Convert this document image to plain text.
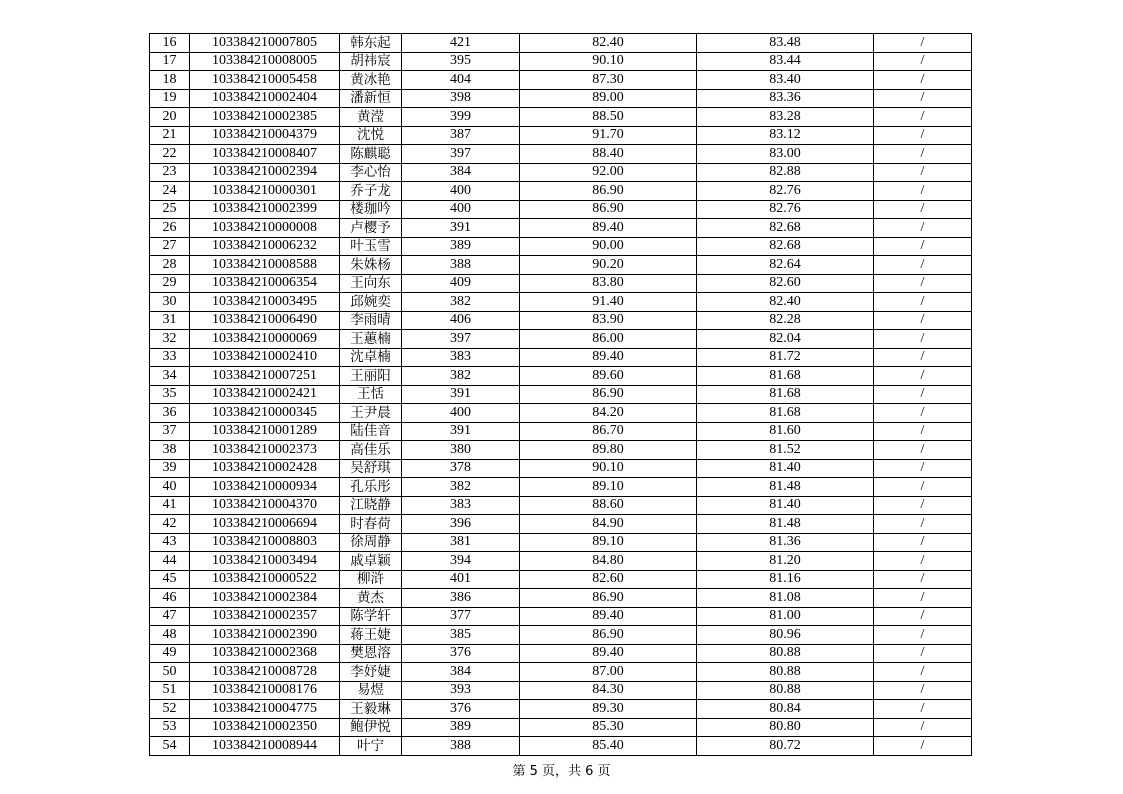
16	103384210007805	韩东起	421	82.40	83.48	/
17	103384210008005	胡祎宸	395	90.10	83.44	/
18	103384210005458	黄冰艳	404	87.30	83.40	/
19	103384210002404	潘新恒	398	89.00	83.36	/
20	103384210002385	黄滢	399	88.50	83.28	/
21	103384210004379	沈悦	387	91.70	83.12	/
22	103384210008407	陈麒聪	397	88.40	83.00	/
23	103384210002394	李心怡	384	92.00	82.88	/
24	103384210000301	乔子龙	400	86.90	82.76	/
25	103384210002399	楼珈吟	400	86.90	82.76	/
26	103384210000008	卢樱予	391	89.40	82.68	/
27	103384210006232	叶玉雪	389	90.00	82.68	/
28	103384210008588	朱姝杨	388	90.20	82.64	/
29	103384210006354	王向东	409	83.80	82.60	/
30	103384210003495	邱婉奕	382	91.40	82.40	/
31	103384210006490	李雨晴	406	83.90	82.28	/
32	103384210000069	王蕙楠	397	86.00	82.04	/
33	103384210002410	沈卓楠	383	89.40	81.72	/
34	103384210007251	王丽阳	382	89.60	81.68	/
35	103384210002421	王恬	391	86.90	81.68	/
36	103384210000345	王尹晨	400	84.20	81.68	/
37	103384210001289	陆佳音	391	86.70	81.60	/
38	103384210002373	高佳乐	380	89.80	81.52	/
39	103384210002428	吴舒琪	378	90.10	81.40	/
40	103384210000934	孔乐彤	382	89.10	81.48	/
41	103384210004370	江晓静	383	88.60	81.40	/
42	103384210006694	时春荷	396	84.90	81.48	/
43	103384210008803	徐周静	381	89.10	81.36	/
44	103384210003494	戚卓颖	394	84.80	81.20	/
45	103384210000522	柳浒	401	82.60	81.16	/
46	103384210002384	黄杰	386	86.90	81.08	/
47	103384210002357	陈学轩	377	89.40	81.00	/
48	103384210002390	蒋王婕	385	86.90	80.96	/
49	103384210002368	樊恩溶	376	89.40	80.88	/
50	103384210008728	李妤婕	384	87.00	80.88	/
51	103384210008176	易煜	393	84.30	80.88	/
52	103384210004775	王毅琳	376	89.30	80.84	/
53	103384210002350	鲍伊悦	389	85.30	80.80	/
54	103384210008944	叶宁	388	85.40	80.72	/
第 5 页，共 6 页
